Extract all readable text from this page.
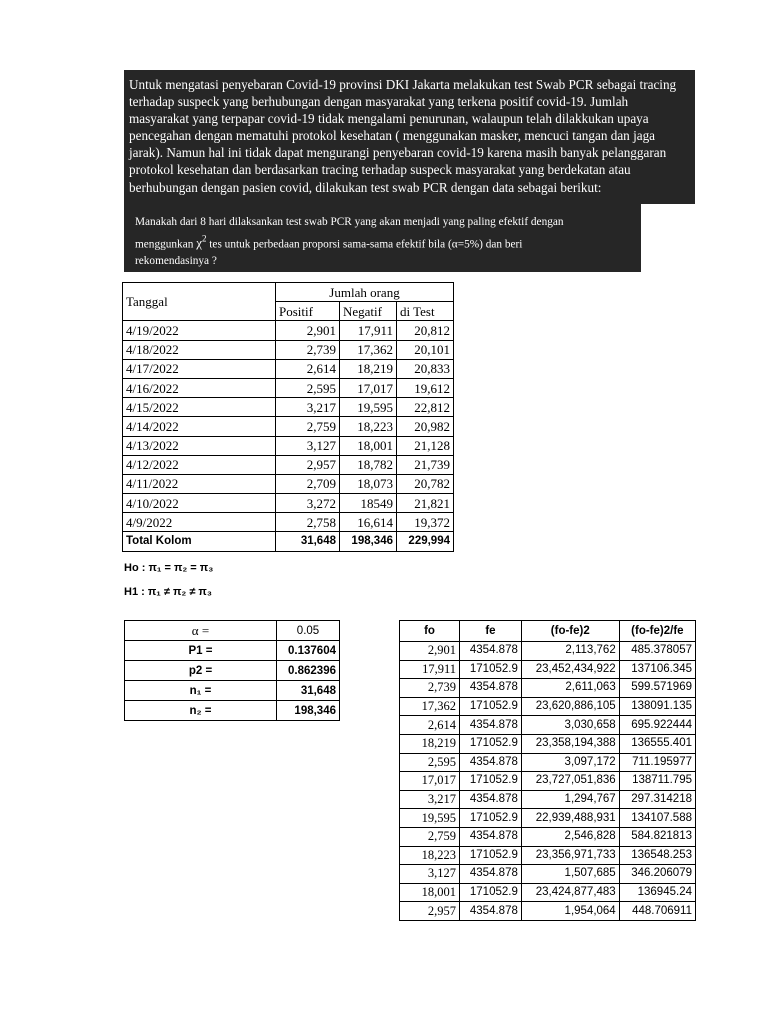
Untuk mengatasi penyebaran Covid-19 provinsi DKI Jakarta melakukan test Swab PCR sebagai tracing
terhadap suspeck yang berhubungan dengan masyarakat yang terkena positif covid-19. Jumlah
masyarakat yang terpapar covid-19 tidak mengalami penurunan, walaupun telah dilakkukan upaya
pencegahan dengan mematuhi protokol kesehatan ( menggunakan masker, mencuci tangan dan jaga
jarak). Namun hal ini tidak dapat mengurangi penyebaran covid-19 karena masih banyak pelanggaran
protokol kesehatan dan berdasarkan tracing terhadap suspeck masyarakat yang berdekatan atau
berhubungan dengan pasien covid, dilakukan test swab PCR dengan data sebagai berikut:

Manakah dari 8 hari dilaksankan test swab PCR yang akan menjadi yang paling efektif dengan
menggunkan $\chi^2$ tes untuk perbedaan proporsi sama-sama efektif bila (α=5%) dan beri
rekomendasinya ?

Tanggal	Jumlah orang		
	Positif	Negatif	di Test
4/19/2022	2,901	17,911	20,812
4/18/2022	2,739	17,362	20,101
4/17/2022	2,614	18,219	20,833
4/16/2022	2,595	17,017	19,612
4/15/2022	3,217	19,595	22,812
4/14/2022	2,759	18,223	20,982
4/13/2022	3,127	18,001	21,128
4/12/2022	2,957	18,782	21,739
4/11/2022	2,709	18,073	20,782
4/10/2022	3,272	18549	21,821
4/9/2022	2,758	16,614	19,372
Total Kolom	31,648	198,346	229,994
Ho : π₁ = π₂ = π₃
H1 : π₁ ≠ π₂ ≠ π₃
α =	0.05
P1 =	0.137604
p2 =	0.862396
n₁ =	31,648
n₂ =	198,346
fo	fe	(fo-fe)2	(fo-fe)2/fe
2,901	4354.878	2,113,762	485.378057
17,911	171052.9	23,452,434,922	137106.345
2,739	4354.878	2,611,063	599.571969
17,362	171052.9	23,620,886,105	138091.135
2,614	4354.878	3,030,658	695.922444
18,219	171052.9	23,358,194,388	136555.401
2,595	4354.878	3,097,172	711.195977
17,017	171052.9	23,727,051,836	138711.795
3,217	4354.878	1,294,767	297.314218
19,595	171052.9	22,939,488,931	134107.588
2,759	4354.878	2,546,828	584.821813
18,223	171052.9	23,356,971,733	136548.253
3,127	4354.878	1,507,685	346.206079
18,001	171052.9	23,424,877,483	136945.24
2,957	4354.878	1,954,064	448.706911
